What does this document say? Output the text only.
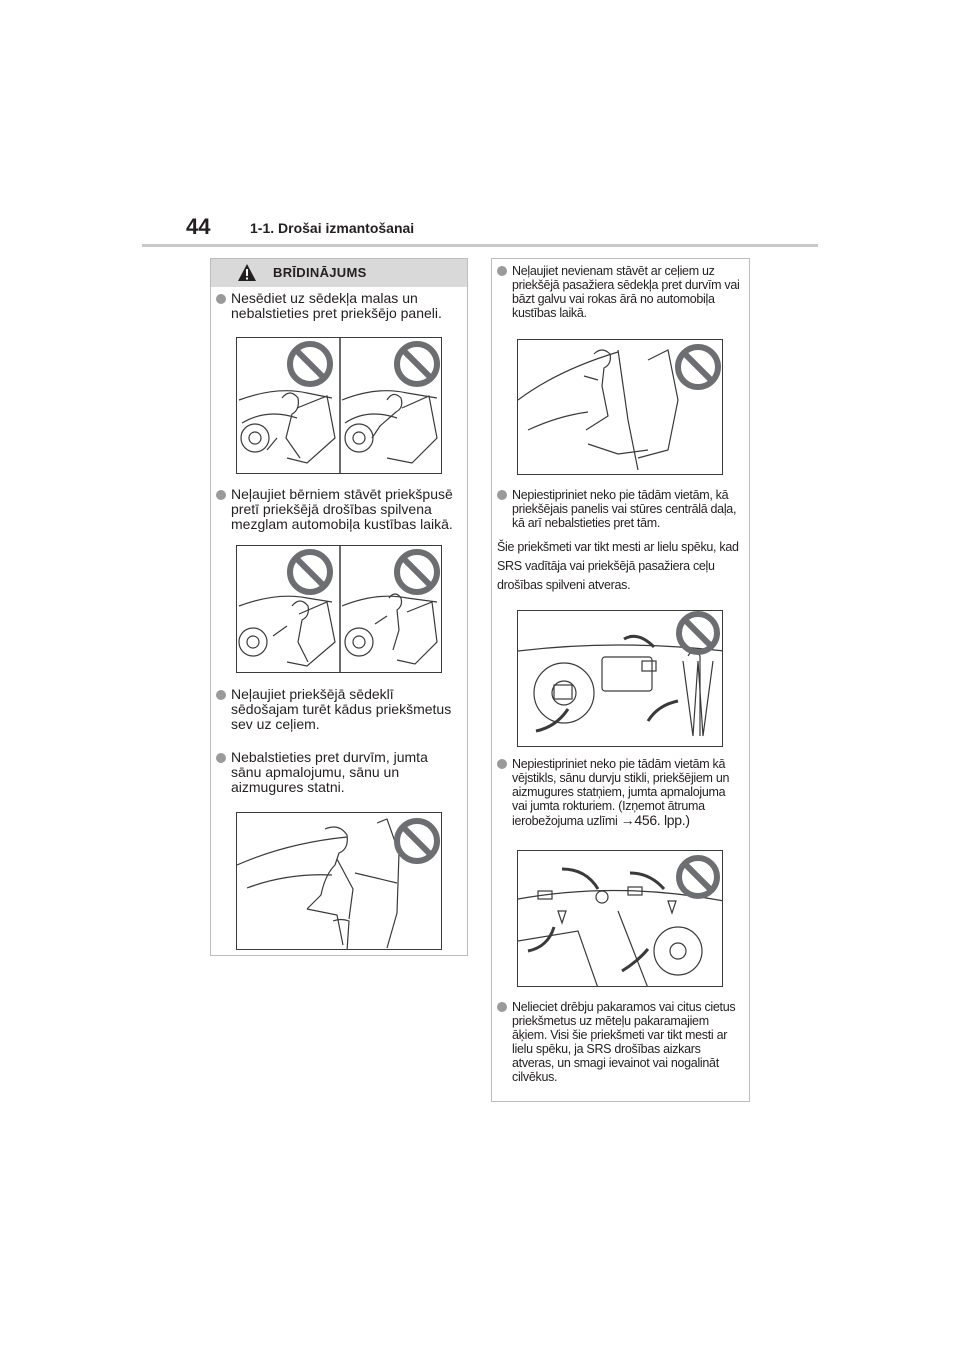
44	1-1. Drošai izmantošanai
BRĪDINĀJUMS
Nesēdiet uz sēdekļa malas un nebalstieties pret priekšējo paneli.
Neļaujiet bērniem stāvēt priekšpusē pretī priekšējā drošības spilvena mezglam automobiļa kustības laikā.
Neļaujiet priekšējā sēdeklī sēdošajam turēt kādus priekšmetus sev uz ceļiem.
Nebalstieties pret durvīm, jumta sānu apmalojumu, sānu un aizmugures statni.
Neļaujiet nevienam stāvēt ar ceļiem uz priekšējā pasažiera sēdekļa pret durvīm vai bāzt galvu vai rokas ārā no automobiļa kustības laikā.
Nepiestipriniet neko pie tādām vietām, kā priekšējais panelis vai stūres centrālā daļa, kā arī nebalstieties pret tām.
Šie priekšmeti var tikt mesti ar lielu spēku, kad SRS vadītāja vai priekšējā pasažiera ceļu drošības spilveni atveras.
Nepiestipriniet neko pie tādām vietām kā vējstikls, sānu durvju stikli, priekšējiem un aizmugures statņiem, jumta apmalojuma vai jumta rokturiem. (Izņemot ātruma ierobežojuma uzlīmi →456. lpp.)
Nelieciet drēbju pakaramos vai citus cietus priekšmetus uz mēteļu pakaramajiem āķiem. Visi šie priekšmeti var tikt mesti ar lielu spēku, ja SRS drošības aizkars atveras, un smagi ievainot vai nogalināt cilvēkus.
